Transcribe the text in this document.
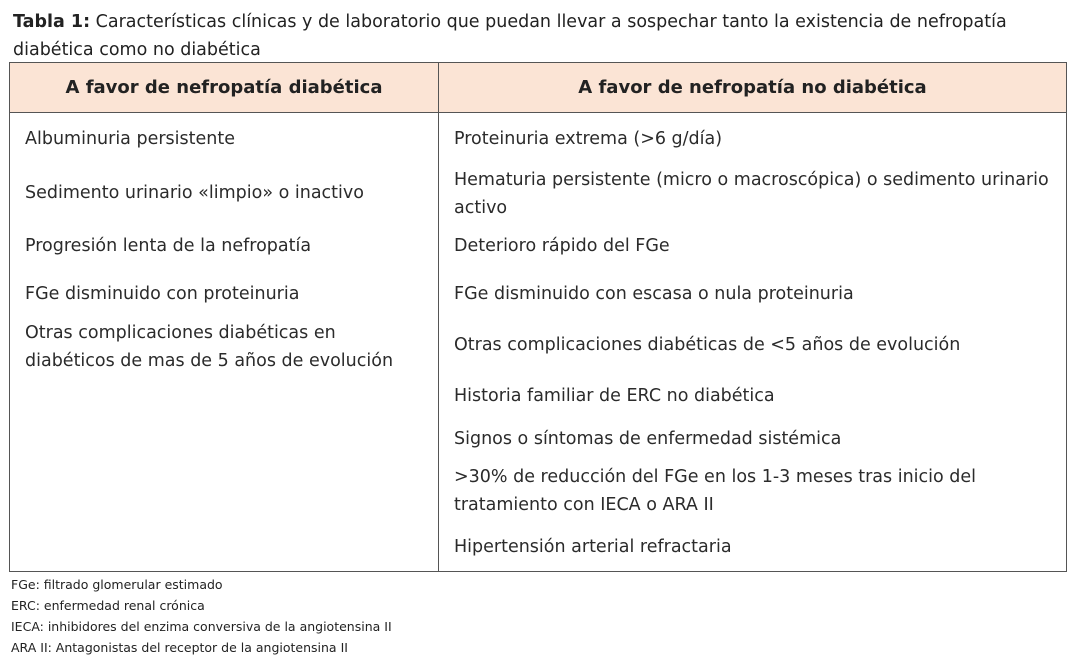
Tabla 1: Características clínicas y de laboratorio que puedan llevar a sospechar tanto la existencia de nefropatía diabética como no diabética
A favor de nefropatía diabética	A favor de nefropatía no diabética
Albuminuria persistente
Sedimento urinario «limpio» o inactivo
Progresión lenta de la nefropatía
FGe disminuido con proteinuria
Otras complicaciones diabéticas en diabéticos de mas de 5 años de evolución
Proteinuria extrema (>6 g/día)
Hematuria persistente (micro o macroscópica) o sedimento urinario activo
Deterioro rápido del FGe
FGe disminuido con escasa o nula proteinuria
Otras complicaciones diabéticas de <5 años de evolución
Historia familiar de ERC no diabética
Signos o síntomas de enfermedad sistémica
>30% de reducción del FGe en los 1-3 meses tras inicio del tratamiento con IECA o ARA II
Hipertensión arterial refractaria
FGe: filtrado glomerular estimado
ERC: enfermedad renal crónica
IECA: inhibidores del enzima conversiva de la angiotensina II
ARA II: Antagonistas del receptor de la angiotensina II
